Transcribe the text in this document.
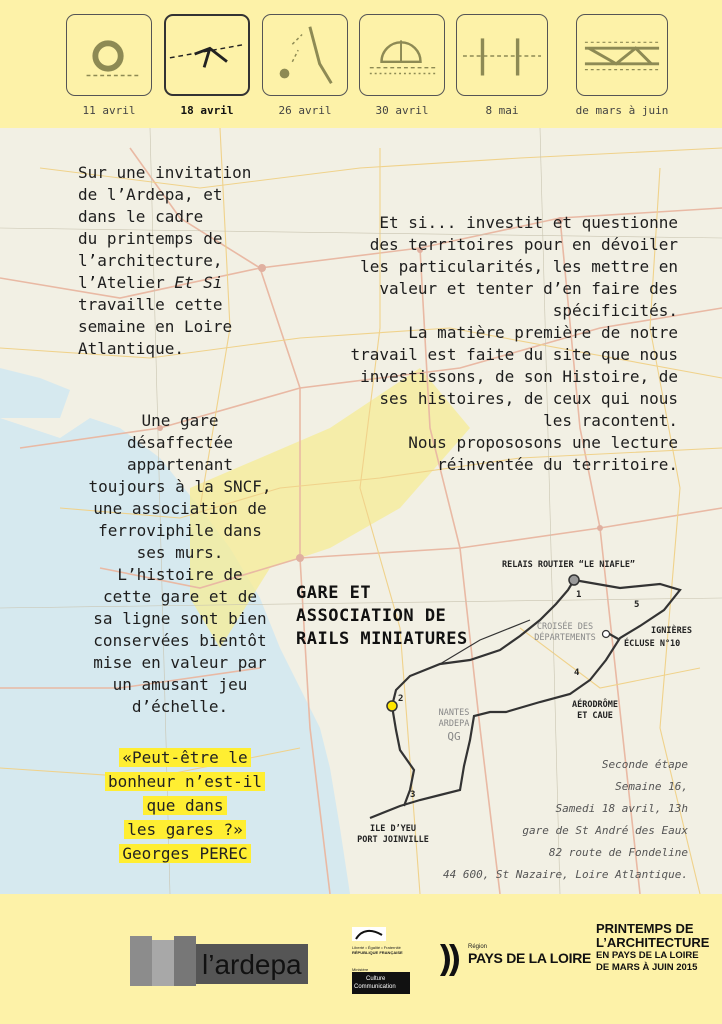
11 avril	18 avril	26 avril	30 avril	8 mai	de mars à juin
Sur une invitation
de l’Ardepa, et
dans le cadre
du printemps de
l’architecture,
l’Atelier Et Si
travaille cette
semaine en Loire
Atlantique.
Et si... investit et questionne
des territoires pour en dévoiler
les particularités, les mettre en
valeur et tenter d’en faire des
spécificités.
La matière première de notre
travail est faite du site que nous
investissons, de son Histoire, de
ses histoires, de ceux qui nous
les racontent.
Nous propososons une lecture
réinventée du territoire.
Une gare
désaffectée
appartenant
toujours à la SNCF,
une association de
ferroviphile dans
ses murs.
L’histoire de
cette gare et de
sa ligne sont bien
conservées bientôt
mise en valeur par
un amusant jeu
d’échelle.
«Peut-être le
bonheur n’est-il
que dans
les gares ?»
Georges PEREC
GARE ET
ASSOCIATION DE
RAILS MINIATURES
RELAIS ROUTIER “LE NIAFLE”
CROISÉE DES
DÉPARTEMENTS
IGNIÈRES
ÉCLUSE N°10
AÉRODRÔME
ET CAUE
NANTES
ARDEPA
QG
ILE D’YEU
PORT JOINVILLE
1
2
3
4
5
Seconde étape
Semaine 16,
Samedi 18 avril, 13h
gare de St André des Eaux
82 route de Fondeline
44 600, St Nazaire, Loire Atlantique.
l’ardepa
Liberté • Égalité • Fraternité
RÉPUBLIQUE FRANÇAISE
Ministère
Culture
Communication
Région
PAYS DE LA LOIRE
PRINTEMPS DE
L’ARCHITECTURE
EN PAYS DE LA LOIRE
DE MARS À JUIN 2015
